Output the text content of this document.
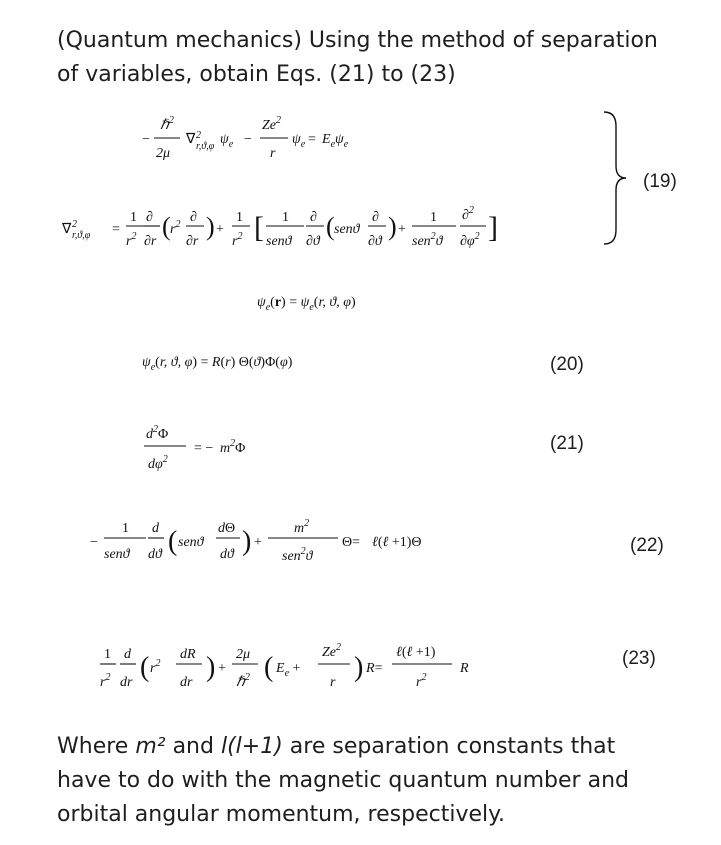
(Quantum mechanics) Using the method of separation
of variables, obtain Eqs. (21) to (23)
−
ℏ$^2$
2μ
∇ 2
r,ϑ,φ $\psi_e$ −
$Ze^2$
r
$\psi_e = E_e\psi_e$
∇ 2
r,ϑ,φ =
1
$r^2$
∂
∂r
( $r^2$ ∂
∂r
) +
1
$r^2$ [ 1
senϑ
∂
∂ϑ
( senϑ
∂
∂ϑ
) +
1
sen$^2$ϑ
∂$^2$
$\partial\varphi^2$ ]
(19)
$\psi_e(r) = \psi_e(r$, ϑ, φ)
$\psi_e(r$, ϑ, φ) = R(r) Θ(ϑ)Φ(φ)	(20)
$d^2\Phi$
$d\varphi^2$
= − $m^2\Phi$	(21)
−
1
senϑ
d
dϑ ( senϑ
dΘ
dϑ ) +
$m^2$
sen$^2$ϑ
Θ= ℓ(ℓ +1)Θ	(22)
1
$r^2$
d
dr ( $r^2$
dR
dr ) +
2μ
ℏ$^2$ ( $E_e$ +
$Ze^2$
r ) R=
ℓ(ℓ +1)
$r^2$
R	(23)
Where m² and l(l+1) are separation constants that
have to do with the magnetic quantum number and
orbital angular momentum, respectively.
